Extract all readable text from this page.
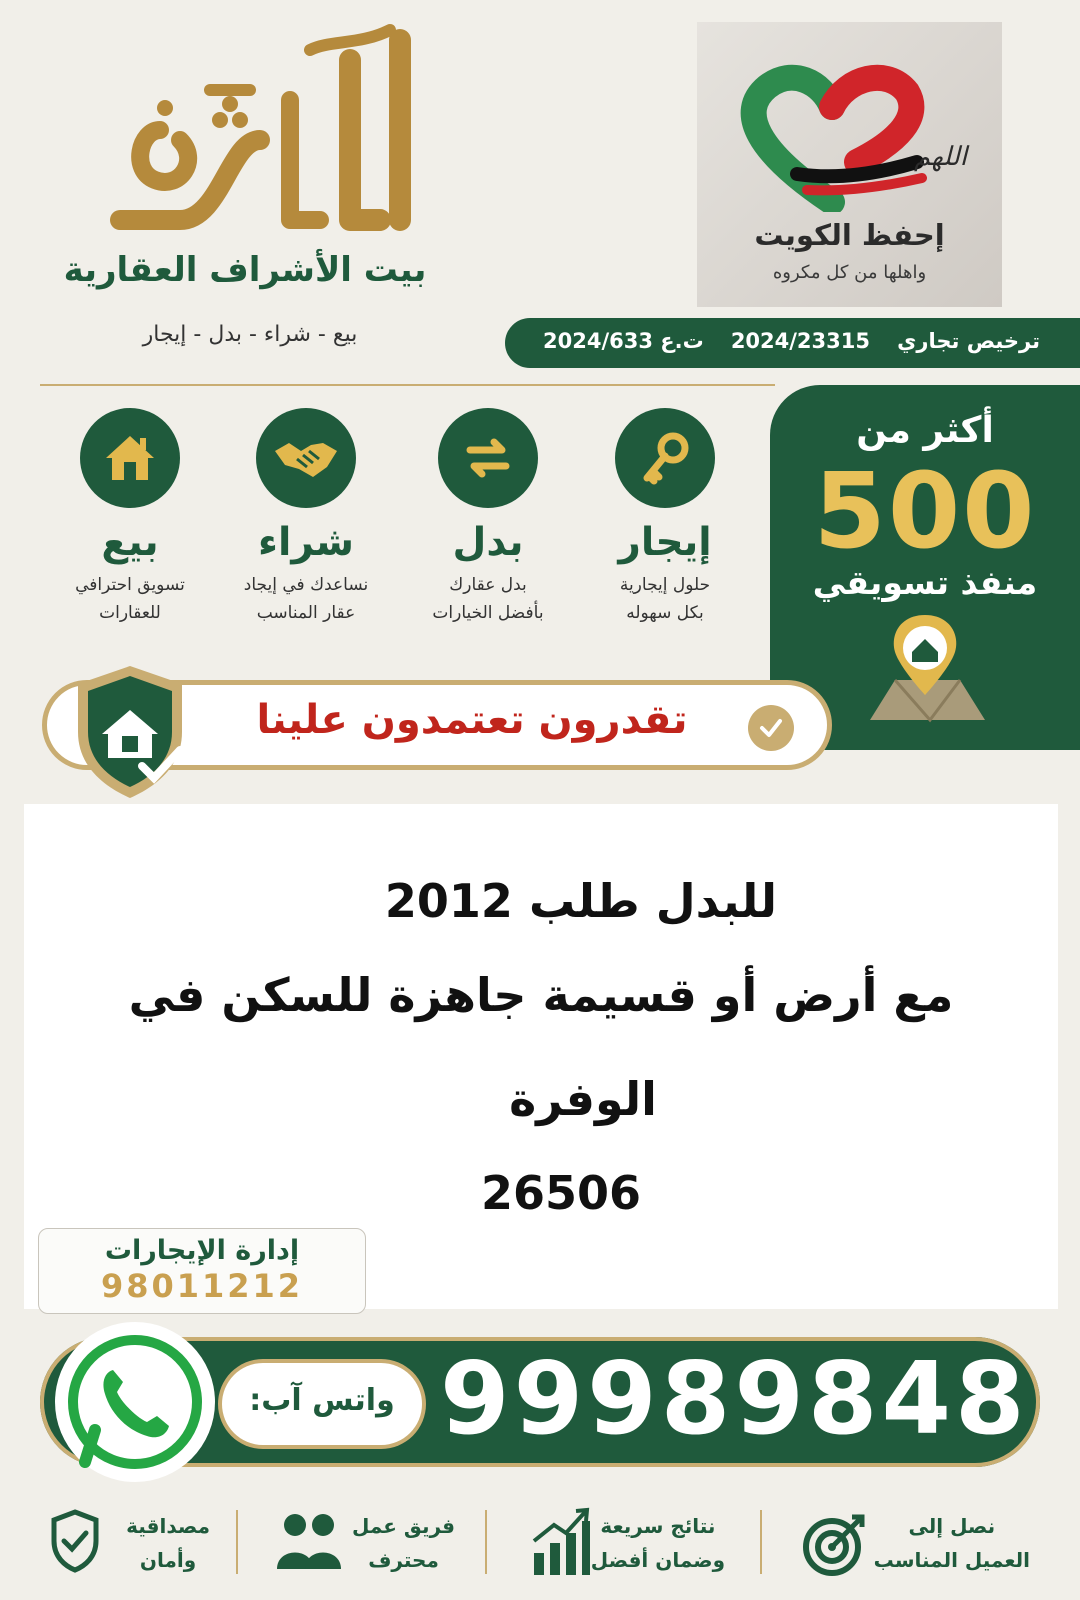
بيت الأشراف العقارية
بيع - شراء - بدل - إيجار
اللهم
إحفظ الكويت
واهلها من كل مكروه
ترخيص تجاري
2024/23315
ت.ع 2024/633
أكثر من
500
منفذ تسويقي
إيجار
حلول إيجارية
بكل سهوله
بدل
بدل عقارك
بأفضل الخيارات
شراء
نساعدك في إيجاد
عقار المناسب
بيع
تسويق احترافي
للعقارات
تقدرون تعتمدون علينا
للبدل طلب 2012
مع أرض أو قسيمة جاهزة للسكن في
الوفرة
26506
إدارة الإيجارات
98011212
99989848
واتس آب:
نصل إلى
العميل المناسب
نتائج سريعة
وضمان أفضل
فريق عمل
محترف
مصداقية
وأمان
